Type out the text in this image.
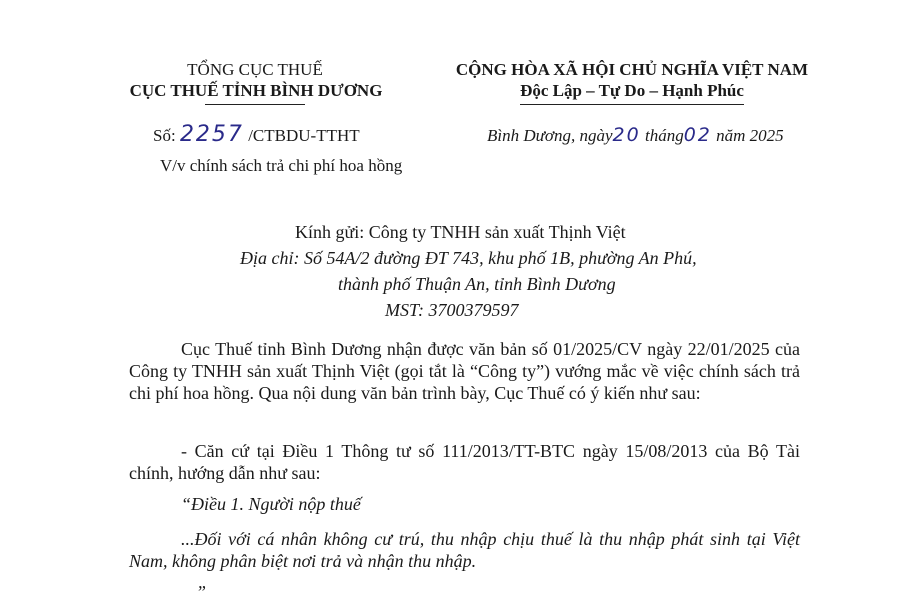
TỔNG CỤC THUẾ
CỤC THUẾ TỈNH BÌNH DƯƠNG
CỘNG HÒA XÃ HỘI CHỦ NGHĨA VIỆT NAM
Độc Lập – Tự Do – Hạnh Phúc
Số: 2257 /CTBDU-TTHT	Bình Dương, ngày20 tháng02 năm 2025
V/v chính sách trả chi phí hoa hồng
Kính gửi: Công ty TNHH sản xuất Thịnh Việt
Địa chỉ: Số 54A/2 đường ĐT 743, khu phố 1B, phường An Phú,
thành phố Thuận An, tỉnh Bình Dương
MST: 3700379597
Cục Thuế tỉnh Bình Dương nhận được văn bản số 01/2025/CV ngày 22/01/2025 của Công ty TNHH sản xuất Thịnh Việt (gọi tắt là “Công ty”) vướng mắc về việc chính sách trả chi phí hoa hồng. Qua nội dung văn bản trình bày, Cục Thuế có ý kiến như sau:
- Căn cứ tại Điều 1 Thông tư số 111/2013/TT-BTC ngày 15/08/2013 của Bộ Tài chính, hướng dẫn như sau:
“Điều 1. Người nộp thuế
...Đối với cá nhân không cư trú, thu nhập chịu thuế là thu nhập phát sinh tại Việt Nam, không phân biệt nơi trả và nhận thu nhập.
”
